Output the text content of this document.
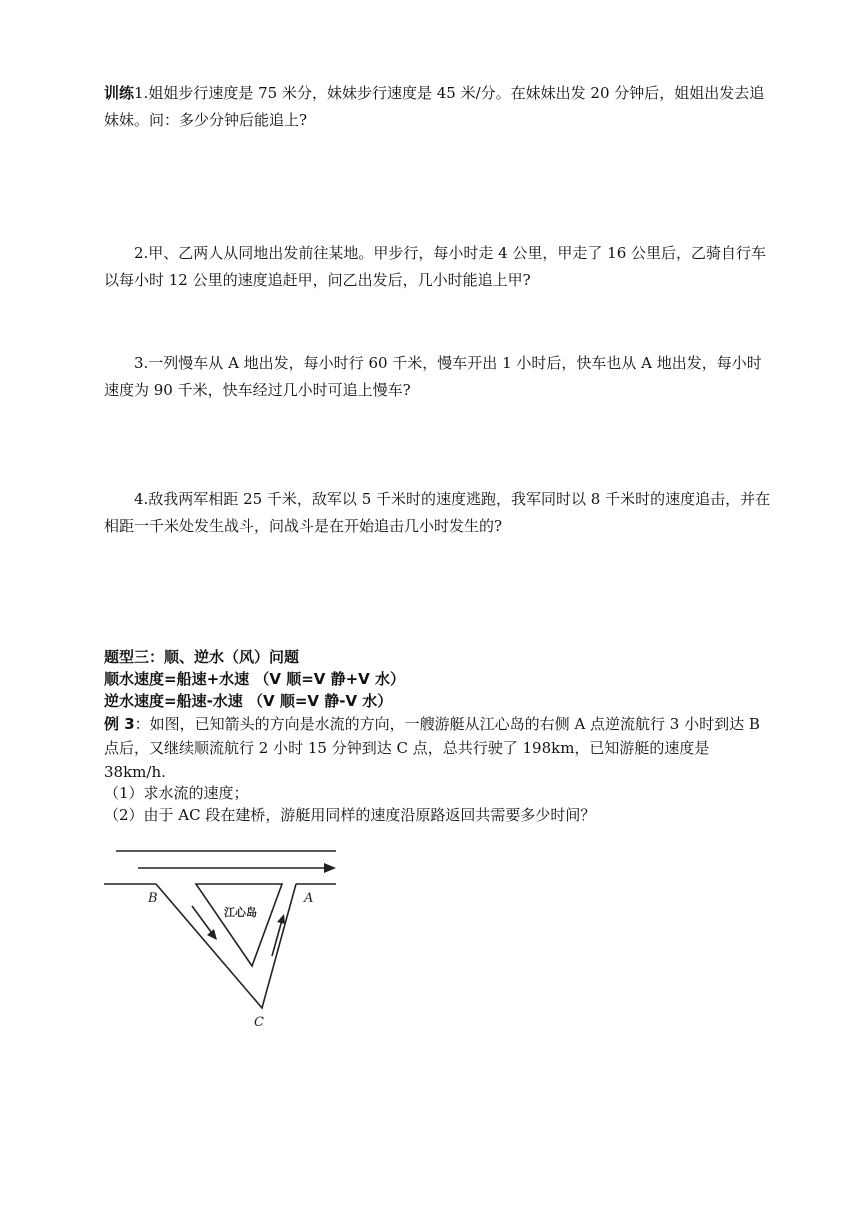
训练1.姐姐步行速度是 75 米分，妹妹步行速度是 45 米/分。在妹妹出发 20 分钟后，姐姐出发去追妹妹。问：多少分钟后能追上?

2.甲、乙两人从同地出发前往某地。甲步行，每小时走 4 公里，甲走了 16 公里后，乙骑自行车以每小时 12 公里的速度追赶甲，问乙出发后，几小时能追上甲?

3.一列慢车从 A 地出发，每小时行 60 千米，慢车开出 1 小时后，快车也从 A 地出发，每小时速度为 90 千米，快车经过几小时可追上慢车?

4.敌我两军相距 25 千米，敌军以 5 千米时的速度逃跑，我军同时以 8 千米时的速度追击，并在相距一千米处发生战斗，问战斗是在开始追击几小时发生的?

题型三：顺、逆水（风）问题

顺水速度=船速+水速 （V 顺=V 静+V 水）

逆水速度=船速-水速 （V 顺=V 静-V 水）

例 3：如图，已知箭头的方向是水流的方向，一艘游艇从江心岛的右侧 A 点逆流航行 3 小时到达 B 点后，又继续顺流航行 2 小时 15 分钟到达 C 点，总共行驶了 198km，已知游艇的速度是 38km/h.

（1）求水流的速度；

（2）由于 AC 段在建桥，游艇用同样的速度沿原路返回共需要多少时间？

B	A
C
江心岛
